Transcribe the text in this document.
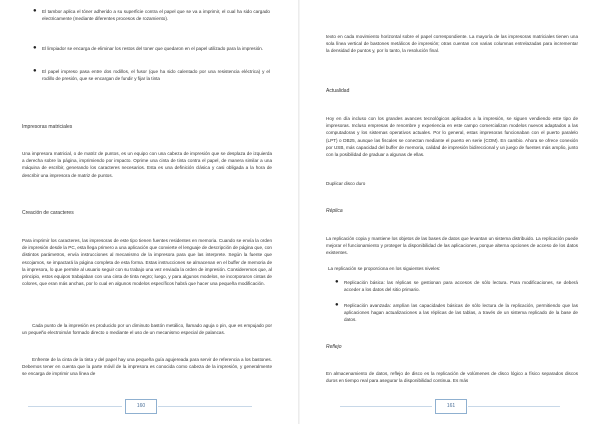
● El tambor aplica el tóner adherido a su superficie contra el papel que se va a imprimir, el cual ha sido cargado electricamente (mediante diferentes procesos de rozamiento).
● El limpiador se encarga de eliminar los restos del toner que quedaron en el papel utilizado para la impresión.
● El papel impreso pasa entre dos rodillos, el fusor (que ha sido calentado por una resistencia eléctrica) y el rodillo de presión, que se encargan de fundir y fijar la tinta
Impresoras matriciales
Una impresora matricial, o de matriz de puntos, es un equipo con una cabeza de impresión que se desplaza de izquierda a derecha sobre la página, imprimiendo por impacto. Oprime una cinta de tinta contra el papel, de manera similar a una máquina de escribir, generando los caracteres necesarios. Esta es una definición clásica y casi obligada a la hora de describir una impresora de matriz de puntos.
Creación de caracteres
Para imprimir los caracteres, las impresoras de este tipo tienen fuentes residentes en memoria. Cuando se envía la orden de impresión desde la PC, esta llega primero a una aplicación que convierte el lenguaje de descripción de página que, con distintos parámetros, envía instrucciones al mecanismo de la impresora para que las interprete. Según la fuente que escojamos, se impactará la página completa de esta forma. Estas instrucciones se almacenan en el buffer de memoria de la impresora, lo que permite al usuario seguir con su trabajo una vez enviada la orden de impresión. Consideremos que, al principio, estos equipos trabajaban con una cinta de tinta negro; luego, y para algunos modelos, se incorporaron cintas de colores, que eran más anchas, por lo cual en algunos modelos específicos habrá que hacer una pequeña modificación.
Cada punto de la impresión es producido por un diminuto bastón metálico, llamado aguja o pin, que es empujado por un pequeño electroimán formado directo o mediante el uso de un mecanismo especial de palancas.
Enfrente de la cinta de la tinta y del papel hay una pequeña guía agujereada para servir de referencia a los bastones. Debemos tener en cuenta que la parte móvil de la impresora es conocida como cabeza de la impresión, y generalmente se encarga de imprimir una línea de
160
texto en cada movimiento horizontal sobre el papel correspondiente. La mayoría de las impresoras matriciales tienen una sola línea vertical de bastones metálicos de impresión; otras cuentan con varias columnas entrelazadas para incrementar la densidad de puntos y, por lo tanto, la resolución final.
Actualidad
Hoy en día incluso con los grandes avances tecnológicos aplicados a la impresión, se siguen vendiendo este tipo de impresoras. Incluso empresas de renombre y experiencia en este campo comercializan modelos nuevos adaptados a las computadoras y los sistemas operativos actuales. Por lo general, estas impresoras funcionaban con el puerto paralelo (LPT) o DB25, aunque las fiscales se conectan mediante el puerto en serie (COM). En cambio. Ahora se ofrece conexión por USB, más capacidad del buffer de memoria, calidad de impresión bidireccional y un juego de fuentes más amplio, junto con la posibilidad de graduar a algunas de ellas.
Duplicar disco duro
Réplica
La replicación copia y mantiene los objetos de las bases de datos que levantan un sistema distribuido. La replicación puede mejorar el funcionamiento y proteger la disponibilidad de las aplicaciones, porque alterna opciones de acceso de los datos existentes.
La replicación se proporciona en los siguientes niveles:
● Replicación básica: las réplicas se gestionan para accesos de sólo lectura. Para modificaciones, se deberá acceder a los datos del sitio primario.
● Replicación avanzada: amplían las capacidades básicas de sólo lectura de la replicación, permitiendo que las aplicaciones hagan actualizaciones a las réplicas de las tablas, a través de un sistema replicado de la base de datos.
Reflejo
En almacenamiento de datos, reflejo de disco es la replicación de volúmenes de disco lógico a físico separados discos duros en tiempo real para asegurar la disponibilidad continua. Es más
161
